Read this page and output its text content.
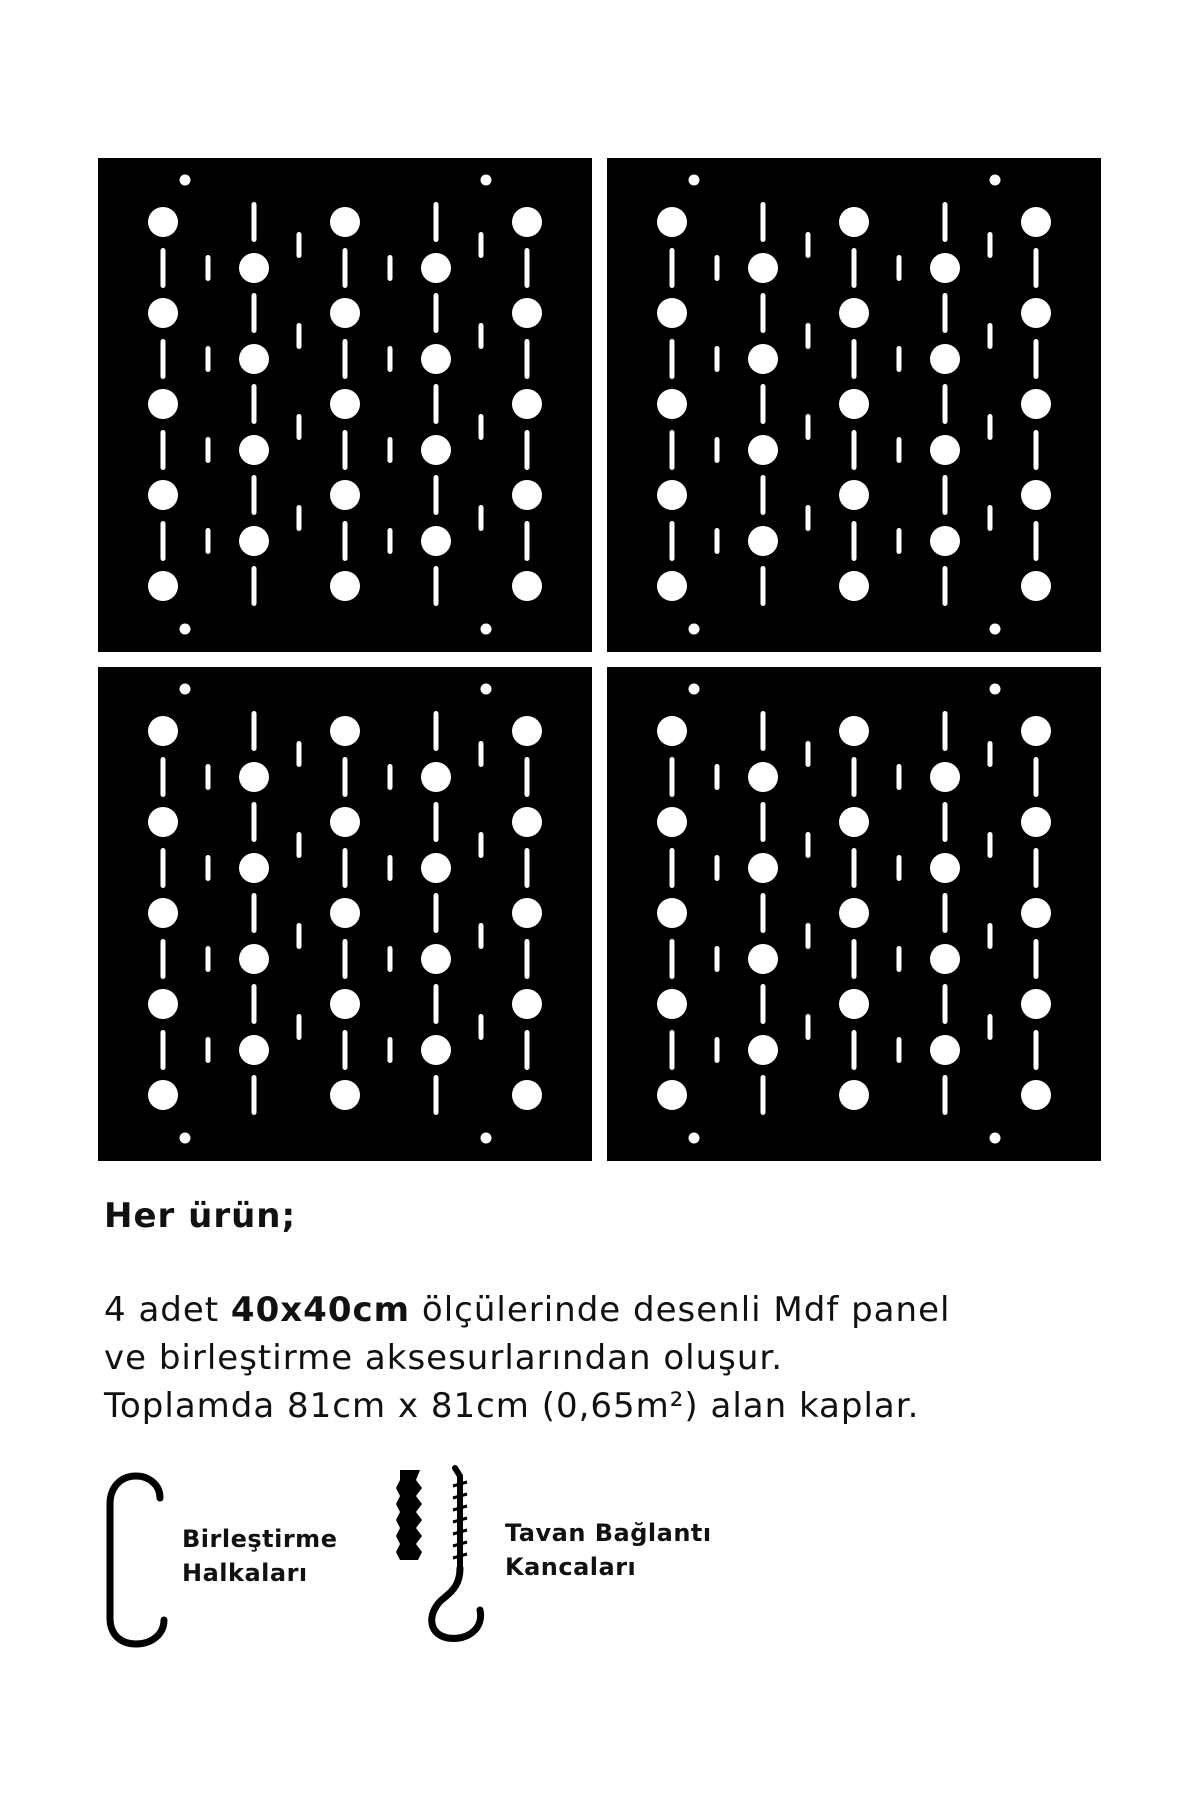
Her ürün;
4 adet 40x40cm ölçülerinde desenli Mdf panel
ve birleştirme aksesurlarından oluşur.
Toplamda 81cm x 81cm (0,65m²) alan kaplar.
Birleştirme
Halkaları
Tavan Bağlantı
Kancaları
